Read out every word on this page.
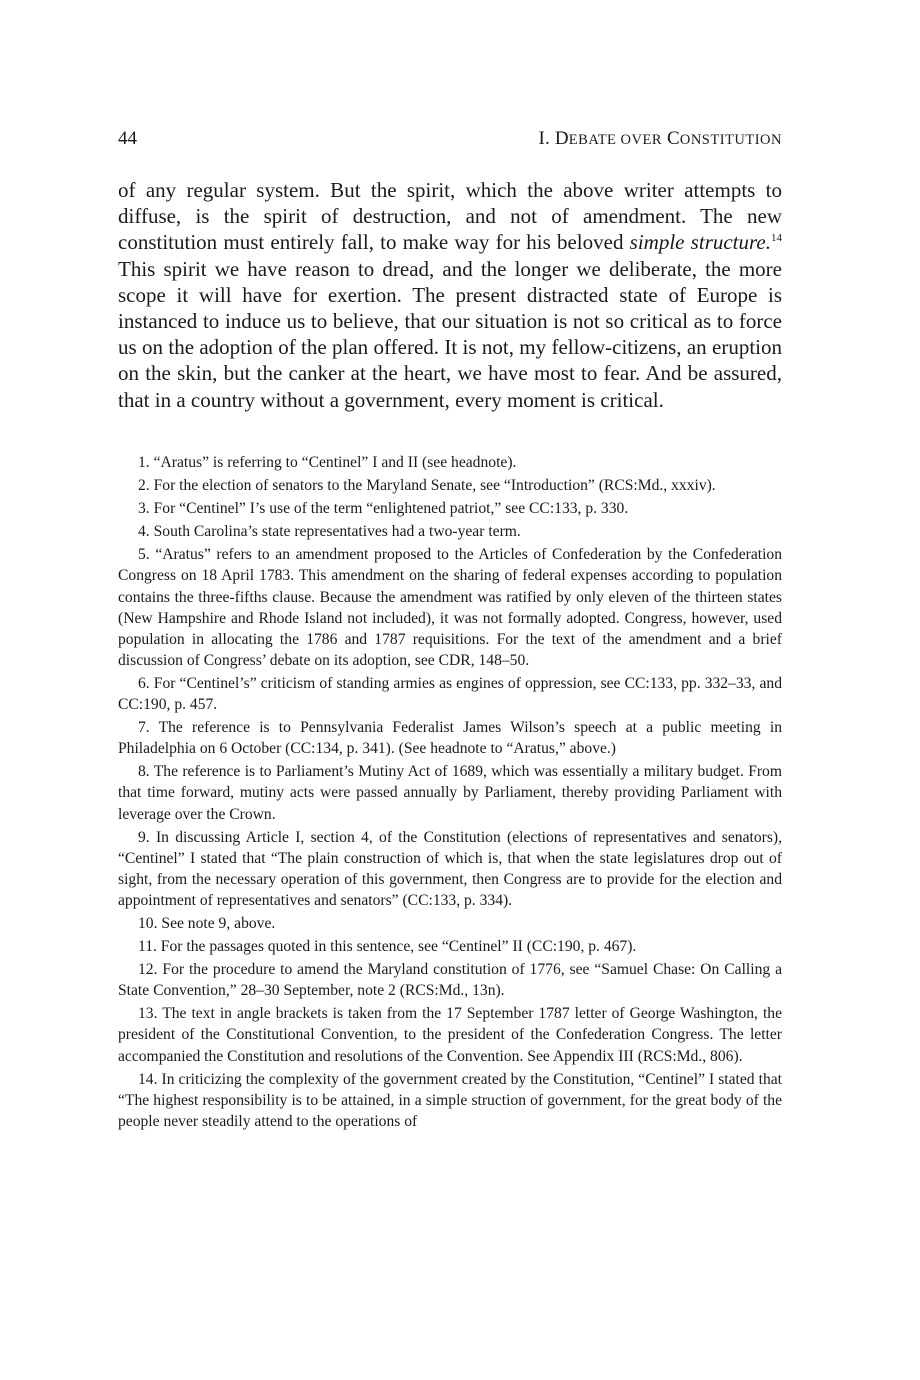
44	I. DEBATE OVER CONSTITUTION

of any regular system. But the spirit, which the above writer attempts to diffuse, is the spirit of destruction, and not of amendment. The new constitution must entirely fall, to make way for his beloved simple structure.$^{14}$ This spirit we have reason to dread, and the longer we deliberate, the more scope it will have for exertion. The present distracted state of Europe is instanced to induce us to believe, that our situation is not so critical as to force us on the adoption of the plan offered. It is not, my fellow-citizens, an eruption on the skin, but the canker at the heart, we have most to fear. And be assured, that in a country without a government, every moment is critical.

1. “Aratus” is referring to “Centinel” I and II (see headnote).
2. For the election of senators to the Maryland Senate, see “Introduction” (RCS:Md., xxxiv).
3. For “Centinel” I’s use of the term “enlightened patriot,” see CC:133, p. 330.
4. South Carolina’s state representatives had a two-year term.
5. “Aratus” refers to an amendment proposed to the Articles of Confederation by the Confederation Congress on 18 April 1783. This amendment on the sharing of federal expenses according to population contains the three-fifths clause. Because the amendment was ratified by only eleven of the thirteen states (New Hampshire and Rhode Island not included), it was not formally adopted. Congress, however, used population in allocating the 1786 and 1787 requisitions. For the text of the amendment and a brief discussion of Congress’ debate on its adoption, see CDR, 148–50.
6. For “Centinel’s” criticism of standing armies as engines of oppression, see CC:133, pp. 332–33, and CC:190, p. 457.
7. The reference is to Pennsylvania Federalist James Wilson’s speech at a public meeting in Philadelphia on 6 October (CC:134, p. 341). (See headnote to “Aratus,” above.)
8. The reference is to Parliament’s Mutiny Act of 1689, which was essentially a military budget. From that time forward, mutiny acts were passed annually by Parliament, thereby providing Parliament with leverage over the Crown.
9. In discussing Article I, section 4, of the Constitution (elections of representatives and senators), “Centinel” I stated that “The plain construction of which is, that when the state legislatures drop out of sight, from the necessary operation of this government, then Congress are to provide for the election and appointment of representatives and senators” (CC:133, p. 334).
10. See note 9, above.
11. For the passages quoted in this sentence, see “Centinel” II (CC:190, p. 467).
12. For the procedure to amend the Maryland constitution of 1776, see “Samuel Chase: On Calling a State Convention,” 28–30 September, note 2 (RCS:Md., 13n).
13. The text in angle brackets is taken from the 17 September 1787 letter of George Washington, the president of the Constitutional Convention, to the president of the Confederation Congress. The letter accompanied the Constitution and resolutions of the Convention. See Appendix III (RCS:Md., 806).
14. In criticizing the complexity of the government created by the Constitution, “Centinel” I stated that “The highest responsibility is to be attained, in a simple struction of government, for the great body of the people never steadily attend to the operations of
